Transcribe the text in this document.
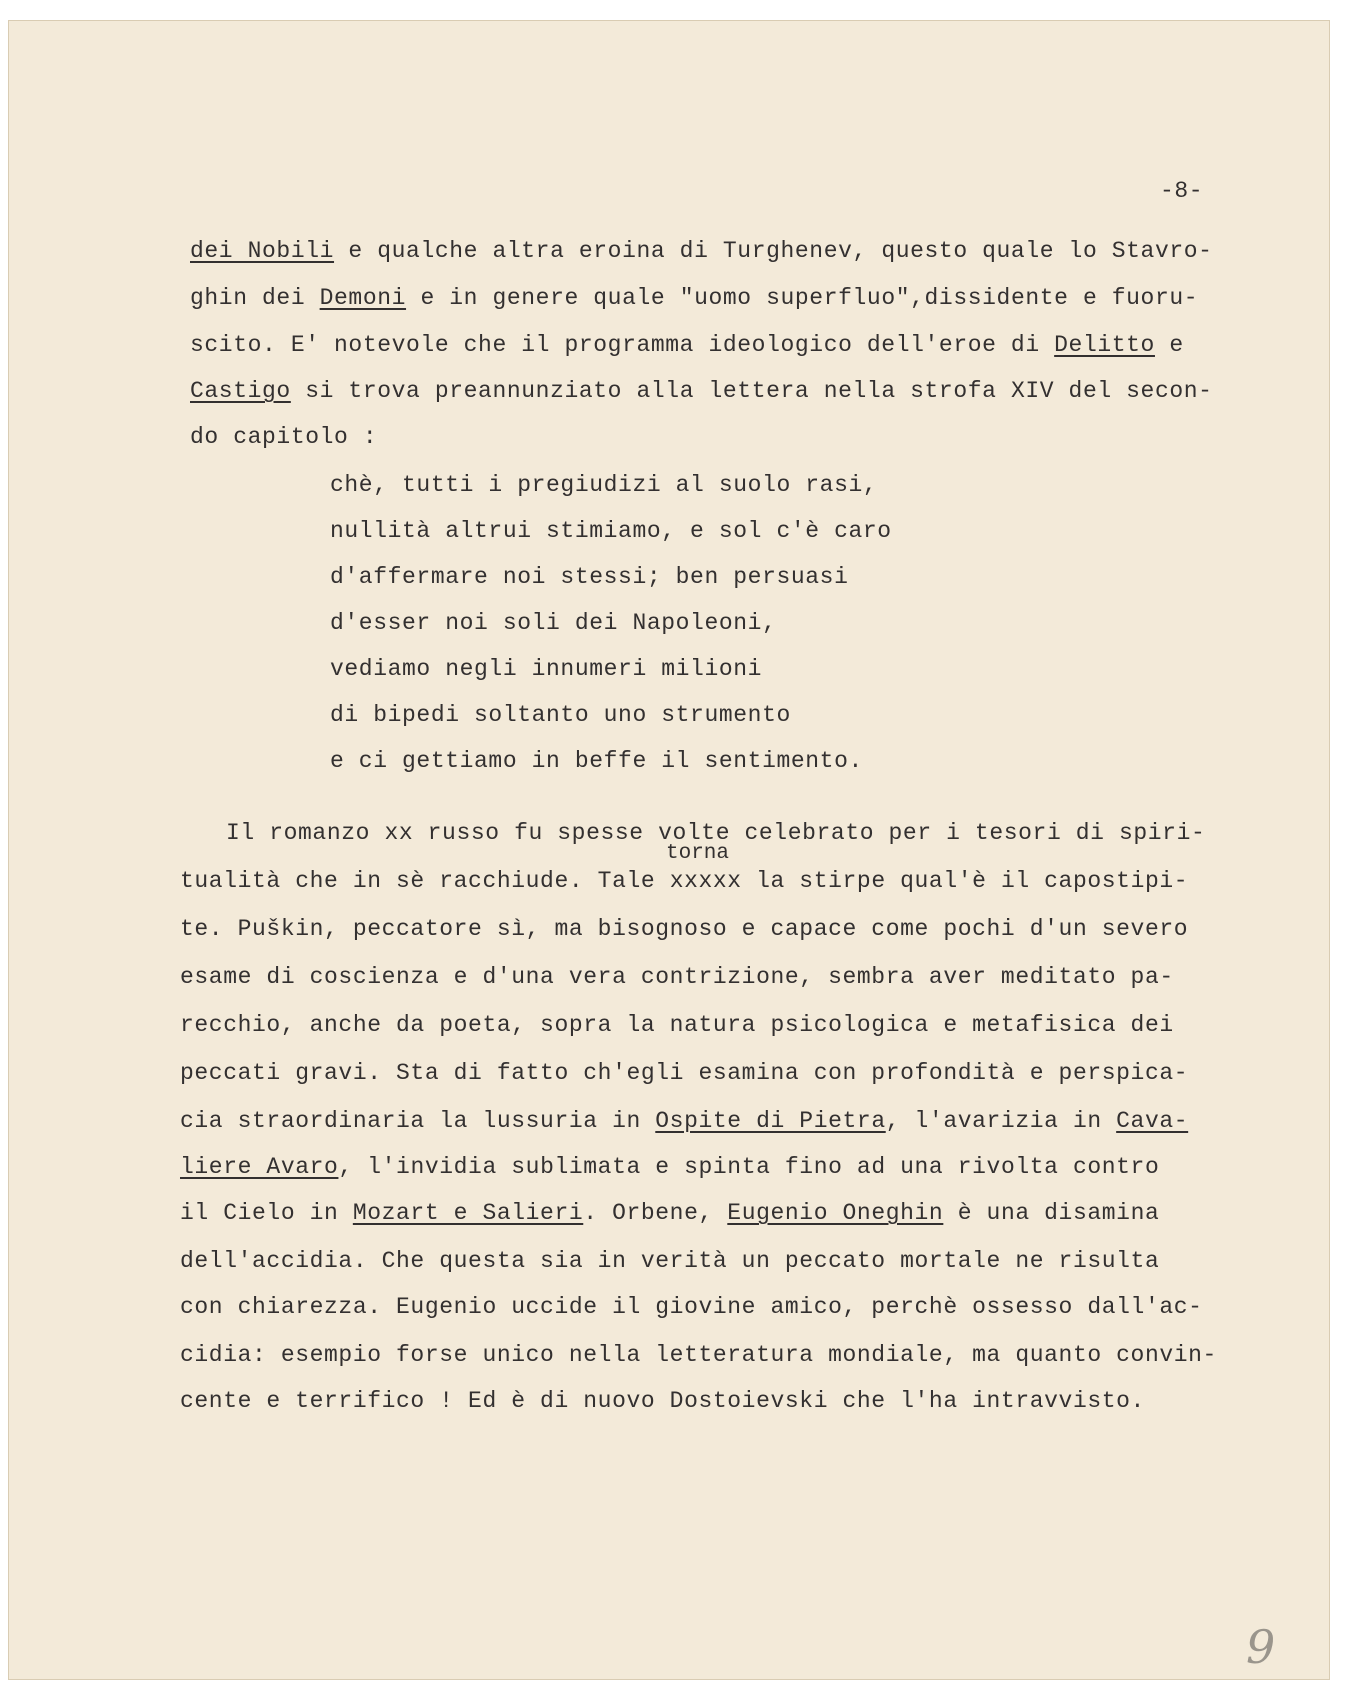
-8-
dei Nobili e qualche altra eroina di Turghenev, questo quale lo Stavro-
ghin dei Demoni e in genere quale "uomo superfluo",dissidente e fuoru-
scito. E' notevole che il programma ideologico dell'eroe di Delitto e
Castigo si trova preannunziato alla lettera nella strofa XIV del secon-
do capitolo :
chè, tutti i pregiudizi al suolo rasi,
nullità altrui stimiamo, e sol c'è caro
d'affermare noi stessi; ben persuasi
d'esser noi soli dei Napoleoni,
vediamo negli innumeri milioni
di bipedi soltanto uno strumento
e ci gettiamo in beffe il sentimento.
torna
Il romanzo xx russo fu spesse volte celebrato per i tesori di spiri-
tualità che in sè racchiude. Tale xxxxx la stirpe qual'è il capostipi-
te. Puškin, peccatore sì, ma bisognoso e capace come pochi d'un severo
esame di coscienza e d'una vera contrizione, sembra aver meditato pa-
recchio, anche da poeta, sopra la natura psicologica e metafisica dei
peccati gravi. Sta di fatto ch'egli esamina con profondità e perspica-
cia straordinaria la lussuria in Ospite di Pietra, l'avarizia in Cava-
liere Avaro, l'invidia sublimata e spinta fino ad una rivolta contro
il Cielo in Mozart e Salieri. Orbene, Eugenio Oneghin è una disamina
dell'accidia. Che questa sia in verità un peccato mortale ne risulta
con chiarezza. Eugenio uccide il giovine amico, perchè ossesso dall'ac-
cidia: esempio forse unico nella letteratura mondiale, ma quanto convin-
cente e terrifico ! Ed è di nuovo Dostoievski che l'ha intravvisto.
9
